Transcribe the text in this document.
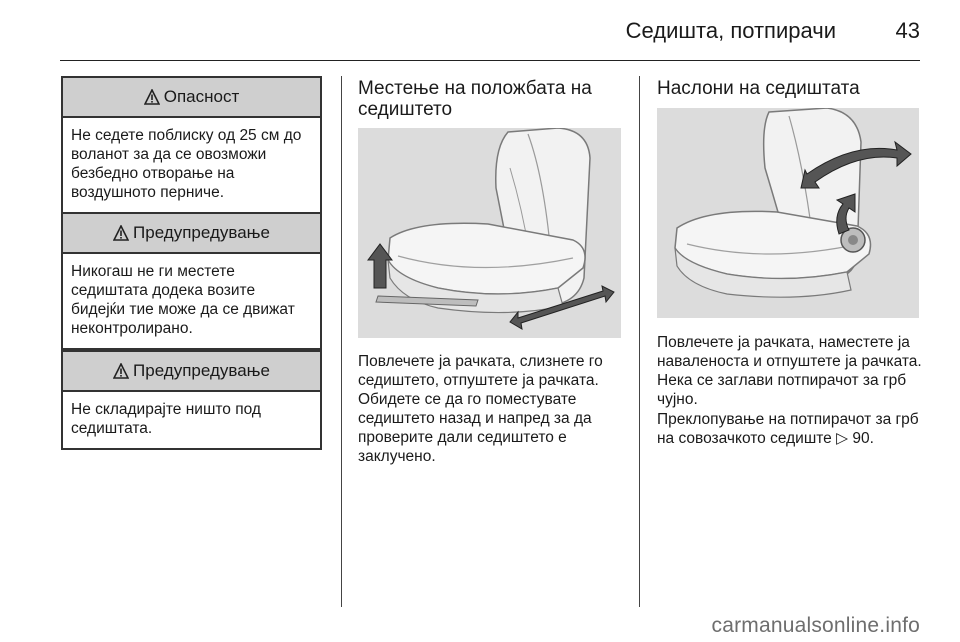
Седишта, потпирачи	43
Опасност
Не седете поблиску од 25 см до воланот за да се овозможи безбедно отворање на воздушното перниче.
Предупредување
Никогаш не ги местете седиштата додека возите бидејќи тие може да се движат неконтролирано.
Предупредување
Не складирајте ништо под седиштата.
Местење на положбата на седиштето
Повлечете ја рачката, слизнете го седиштето, отпуштете ја рачката. Обидете се да го поместувате седиштето назад и напред за да проверите дали седиштето е заклучено.
Наслони на седиштата
Повлечете ја рачката, наместете ја наваленоста и отпуштете ја рачката. Нека се заглави потпирачот за грб чујно.
Преклопување на потпирачот за грб на совозачкото седиште ▷ 90.
carmanualsonline.info
